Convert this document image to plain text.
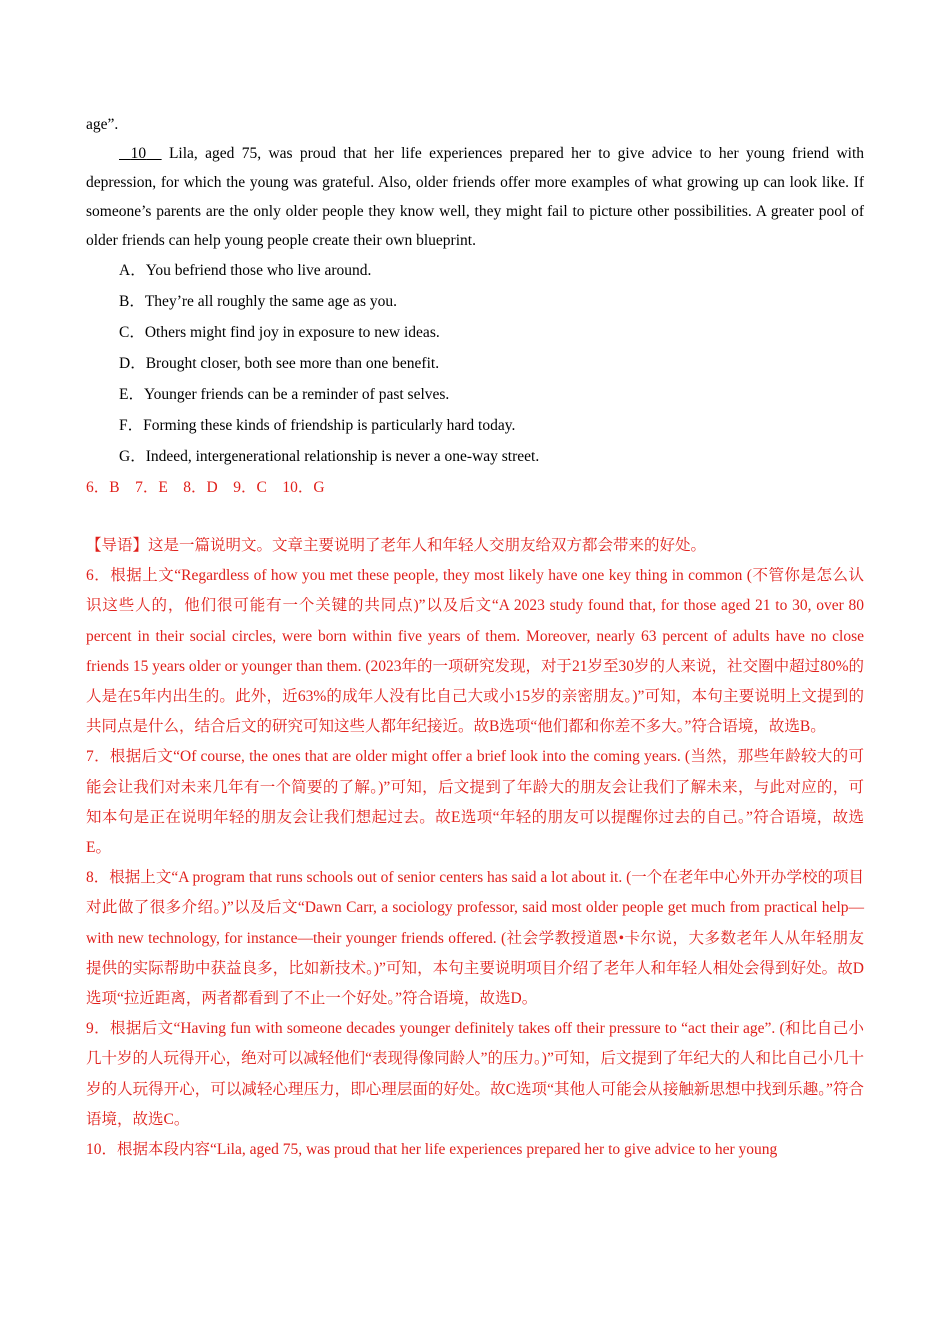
age”.

10 Lila, aged 75, was proud that her life experiences prepared her to give advice to her young friend with depression, for which the young was grateful. Also, older friends offer more examples of what growing up can look like. If someone’s parents are the only older people they know well, they might fail to picture other possibilities. A greater pool of older friends can help young people create their own blueprint.

A．You befriend those who live around.
B．They’re all roughly the same age as you.
C．Others might find joy in exposure to new ideas.
D．Brought closer, both see more than one benefit.
E．Younger friends can be a reminder of past selves.
F．Forming these kinds of friendship is particularly hard today.
G．Indeed, intergenerational relationship is never a one-way street.
6．B    7．E    8．D    9．C    10．G

【导语】这是一篇说明文。文章主要说明了老年人和年轻人交朋友给双方都会带来的好处。

6．根据上文“Regardless of how you met these people, they most likely have one key thing in common (不管你是怎么认识这些人的，他们很可能有一个关键的共同点)”以及后文“A 2023 study found that, for those aged 21 to 30, over 80 percent in their social circles, were born within five years of them. Moreover, nearly 63 percent of adults have no close friends 15 years older or younger than them. (2023年的一项研究发现，对于21岁至30岁的人来说，社交圈中超过80%的人是在5年内出生的。此外，近63%的成年人没有比自己大或小15岁的亲密朋友。)”可知，本句主要说明上文提到的共同点是什么，结合后文的研究可知这些人都年纪接近。故B选项“他们都和你差不多大。”符合语境，故选B。

7．根据后文“Of course, the ones that are older might offer a brief look into the coming years. (当然，那些年龄较大的可能会让我们对未来几年有一个简要的了解。)”可知，后文提到了年龄大的朋友会让我们了解未来，与此对应的，可知本句是正在说明年轻的朋友会让我们想起过去。故E选项“年轻的朋友可以提醒你过去的自己。”符合语境，故选E。

8．根据上文“A program that runs schools out of senior centers has said a lot about it. (一个在老年中心外开办学校的项目对此做了很多介绍。)”以及后文“Dawn Carr, a sociology professor, said most older people get much from practical help—with new technology, for instance—their younger friends offered. (社会学教授道恩•卡尔说，大多数老年人从年轻朋友提供的实际帮助中获益良多，比如新技术。)”可知，本句主要说明项目介绍了老年人和年轻人相处会得到好处。故D选项“拉近距离，两者都看到了不止一个好处。”符合语境，故选D。

9．根据后文“Having fun with someone decades younger definitely takes off their pressure to “act their age”. (和比自己小几十岁的人玩得开心，绝对可以减轻他们“表现得像同龄人”的压力。)”可知，后文提到了年纪大的人和比自己小几十岁的人玩得开心，可以减轻心理压力，即心理层面的好处。故C选项“其他人可能会从接触新思想中找到乐趣。”符合语境，故选C。

10．根据本段内容“Lila, aged 75, was proud that her life experiences prepared her to give advice to her young
